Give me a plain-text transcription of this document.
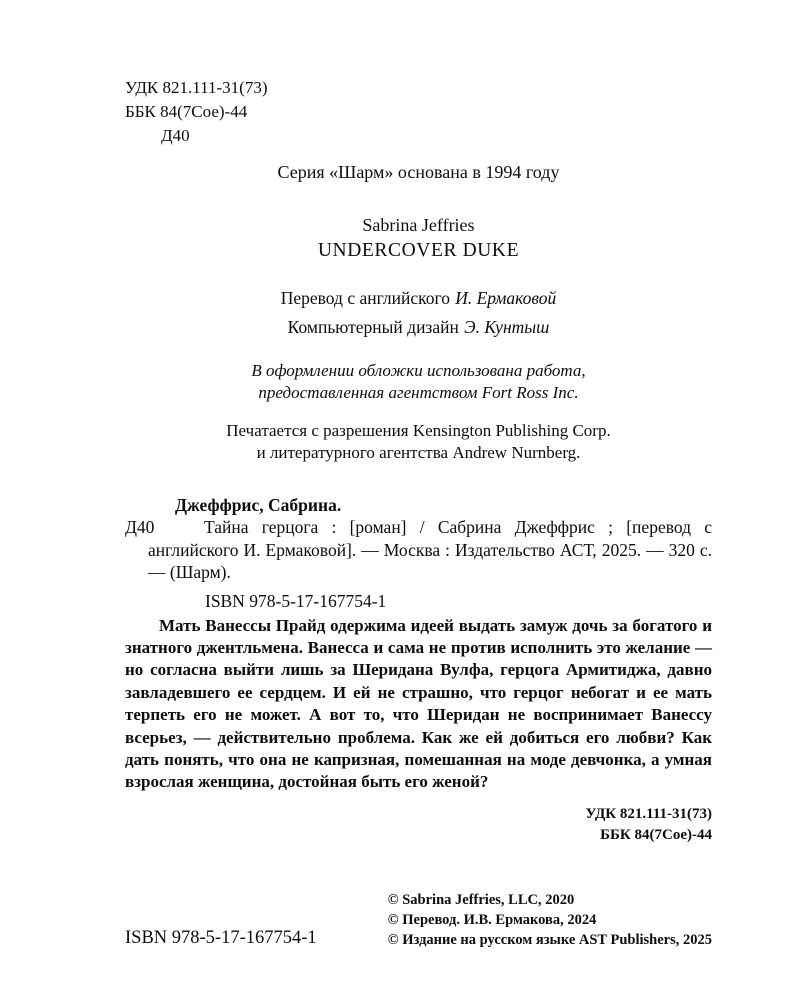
УДК 821.111-31(73)

ББК 84(7Сое)-44

Д40

Серия «Шарм» основана в 1994 году

Sabrina Jeffries

UNDERCOVER DUKE

Перевод с английского И. Ермаковой

Компьютерный дизайн Э. Кунтыш

В оформлении обложки использована работа,

предоставленная агентством Fort Ross Inc.

Печатается с разрешения Kensington Publishing Corp.

и литературного агентства Andrew Nurnberg.

Джеффрис, Сабрина.

Д40	Тайна герцога : [роман] / Сабрина Джеффрис ; [перевод с английского И. Ермаковой]. — Москва : Издательство АСТ, 2025. — 320 с. — (Шарм).

ISBN 978-5-17-167754-1

Мать Ванессы Прайд одержима идеей выдать замуж дочь за богатого и знатного джентльмена. Ванесса и сама не против исполнить это желание — но согласна выйти лишь за Шеридана Вулфа, герцога Армитиджа, давно завладевшего ее сердцем. И ей не страшно, что герцог небогат и ее мать терпеть его не может. А вот то, что Шеридан не воспринимает Ванессу всерьез, — действительно проблема. Как же ей добиться его любви? Как дать понять, что она не капризная, помешанная на моде девчонка, а умная взрослая женщина, достойная быть его женой?

УДК 821.111-31(73)

ББК 84(7Сое)-44

ISBN 978-5-17-167754-1

© Sabrina Jeffries, LLC, 2020

© Перевод. И.В. Ермакова, 2024

© Издание на русском языке AST Publishers, 2025
